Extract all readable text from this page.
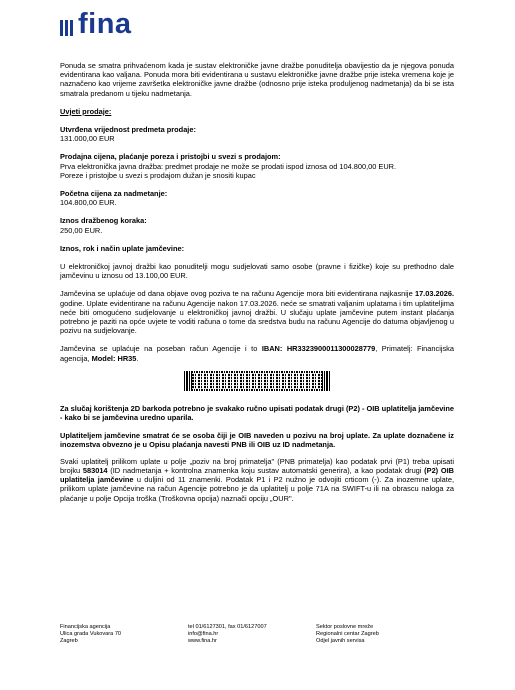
fina

Ponuda se smatra prihvaćenom kada je sustav elektroničke javne dražbe ponuditelja obavijestio da je njegova ponuda evidentirana kao valjana. Ponuda mora biti evidentirana u sustavu elektroničke javne dražbe prije isteka vremena koje je naznačeno kao vrijeme završetka elektroničke javne dražbe (odnosno prije isteka produljenog nadmetanja) da bi se ista smatrala predanom u tijeku nadmetanja.

Uvjeti prodaje:

Utvrđena vrijednost predmeta prodaje:

131.000,00 EUR

Prodajna cijena, plaćanje poreza i pristojbi u svezi s prodajom:

Prva elektronička javna dražba: predmet prodaje ne može se prodati ispod iznosa od 104.800,00 EUR.

Poreze i pristojbe u svezi s prodajom dužan je snositi kupac

Početna cijena za nadmetanje:

104.800,00 EUR.

Iznos dražbenog koraka:

250,00 EUR.

Iznos, rok i način uplate jamčevine:

U elektroničkoj javnoj dražbi kao ponuditelji mogu sudjelovati samo osobe (pravne i fizičke) koje su prethodno dale jamčevinu u iznosu od 13.100,00 EUR.

Jamčevina se uplaćuje od dana objave ovog poziva te na računu Agencije mora biti evidentirana najkasnije 17.03.2026. godine. Uplate evidentirane na računu Agencije nakon 17.03.2026. neće se smatrati valjanim uplatama i tim uplatiteljima neće biti omogućeno sudjelovanje u elektroničkoj javnoj dražbi. U slučaju uplate jamčevine putem instant plaćanja potrebno je paziti na opće uvjete te voditi računa o tome da sredstva budu na računu Agencije do datuma objavljenog u pozivu na sudjelovanje.

Jamčevina se uplaćuje na poseban račun Agencije i to IBAN: HR3323900011300028779, Primatelj: Financijska agencija, Model: HR35.

Za slučaj korištenja 2D barkoda potrebno je svakako ručno upisati podatak drugi (P2) - OIB uplatitelja jamčevine - kako bi se jamčevina uredno uparila.

Uplatiteljem jamčevine smatrat će se osoba čiji je OIB naveden u pozivu na broj uplate. Za uplate doznačene iz inozemstva obvezno je u Opisu plaćanja navesti PNB ili OIB uz ID nadmetanja.

Svaki uplatitelj prilikom uplate u polje „poziv na broj primatelja" (PNB primatelja) kao podatak prvi (P1) treba upisati brojku 583014 (ID nadmetanja + kontrolna znamenka koju sustav automatski generira), a kao podatak drugi (P2) OIB uplatitelja jamčevine u duljini od 11 znamenki. Podatak P1 i P2 nužno je odvojiti crticom (-). Za inozemne uplate, prilikom uplate jamčevine na račun Agencije potrebno je da uplatitelj u polje 71A na SWIFT-u ili na obrascu naloga za plaćanje u polje Opcija troška (Troškovna opcija) naznači opciju „OUR".

Financijska agencija
Ulica grada Vukovara 70
Zagreb
tel 01/6127301, fax 01/6127007
info@fina.hr
www.fina.hr
Sektor poslovne mreže
Regionalni centar Zagreb
Odjel javnih servisa
